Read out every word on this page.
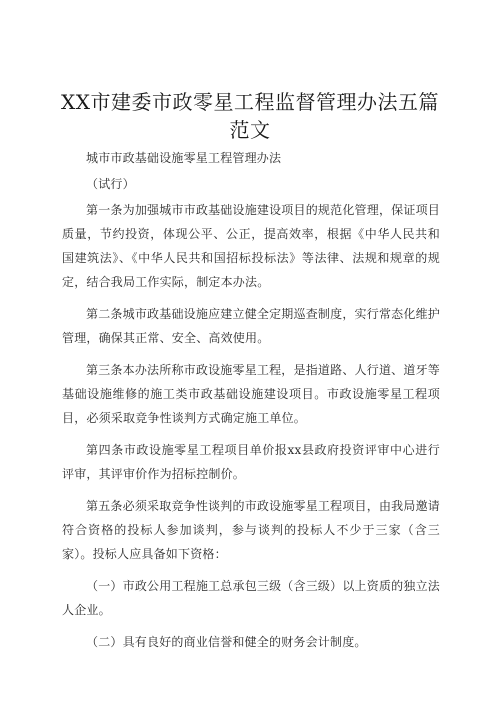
XX市建委市政零星工程监督管理办法五篇范文

城市市政基础设施零星工程管理办法

（试行）

第一条为加强城市市政基础设施建设项目的规范化管理，保证项目质量，节约投资，体现公平、公正，提高效率，根据《中华人民共和国建筑法》、《中华人民共和国招标投标法》等法律、法规和规章的规定，结合我局工作实际，制定本办法。

第二条城市政基础设施应建立健全定期巡查制度，实行常态化维护管理，确保其正常、安全、高效使用。

第三条本办法所称市政设施零星工程，是指道路、人行道、道牙等基础设施维修的施工类市政基础设施建设项目。市政设施零星工程项目，必须采取竞争性谈判方式确定施工单位。

第四条市政设施零星工程项目单价报xx县政府投资评审中心进行评审，其评审价作为招标控制价。

第五条必须采取竞争性谈判的市政设施零星工程项目，由我局邀请符合资格的投标人参加谈判，参与谈判的投标人不少于三家（含三家）。投标人应具备如下资格：

（一）市政公用工程施工总承包三级（含三级）以上资质的独立法人企业。

（二）具有良好的商业信誉和健全的财务会计制度。
